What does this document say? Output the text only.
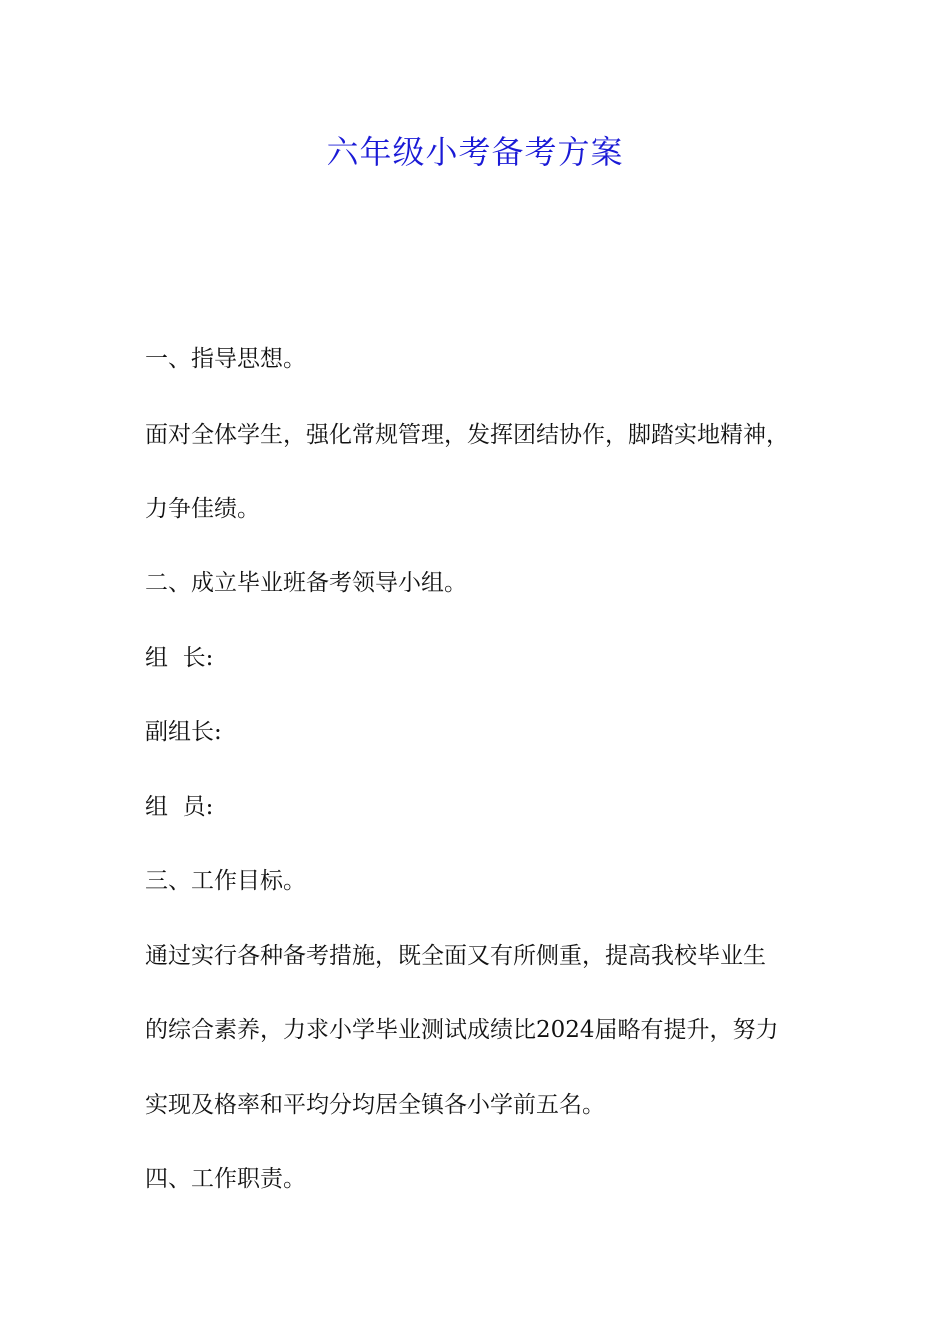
六年级小考备考方案

一、指导思想。

面对全体学生，强化常规管理，发挥团结协作，脚踏实地精神，

力争佳绩。

二、成立毕业班备考领导小组。

组  长:

副组长:

组  员:

三、工作目标。

通过实行各种备考措施，既全面又有所侧重，提高我校毕业生

的综合素养，力求小学毕业测试成绩比2024届略有提升，努力

实现及格率和平均分均居全镇各小学前五名。

四、工作职责。
